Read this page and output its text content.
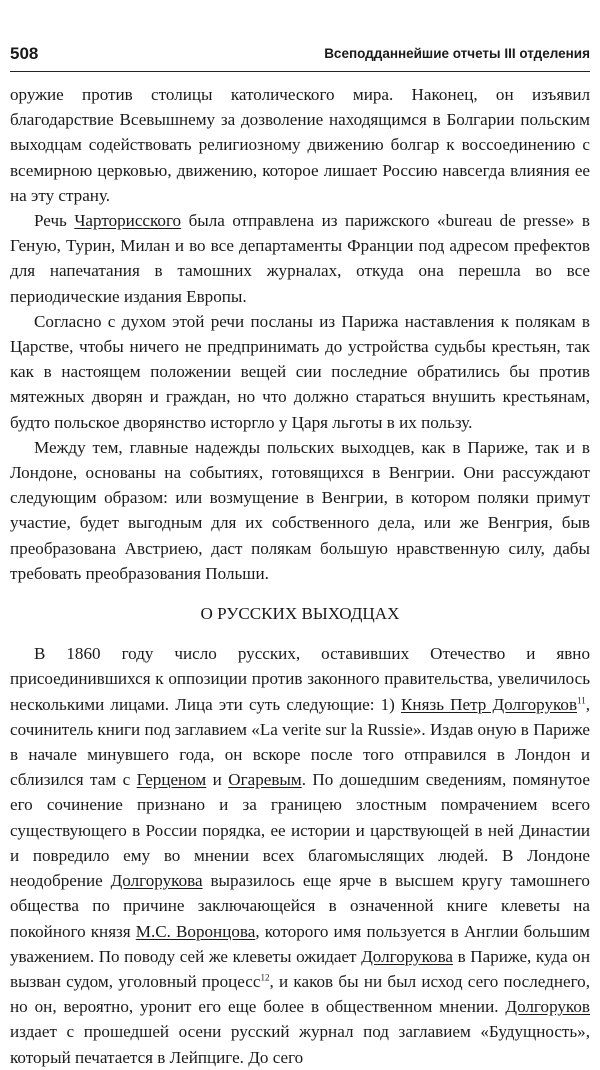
508	Всеподданнейшие отчеты III отделения

оружие против столицы католического мира. Наконец, он изъявил благодарствие Всевышнему за дозволение находящимся в Болгарии польским выходцам содействовать религиозному движению болгар к воссоединению с всемирною церковью, движению, которое лишает Россию навсегда влияния ее на эту страну.

Речь Чарторисского была отправлена из парижского «bureau de presse» в Геную, Турин, Милан и во все департаменты Франции под адресом префектов для напечатания в тамошних журналах, откуда она перешла во все периодические издания Европы.

Согласно с духом этой речи посланы из Парижа наставления к полякам в Царстве, чтобы ничего не предпринимать до устройства судьбы крестьян, так как в настоящем положении вещей сии последние обратились бы против мятежных дворян и граждан, но что должно стараться внушить крестьянам, будто польское дворянство исторгло у Царя льготы в их пользу.

Между тем, главные надежды польских выходцев, как в Париже, так и в Лондоне, основаны на событиях, готовящихся в Венгрии. Они рассуждают следующим образом: или возмущение в Венгрии, в котором поляки примут участие, будет выгодным для их собственного дела, или же Венгрия, быв преобразована Австриею, даст полякам большую нравственную силу, дабы требовать преобразования Польши.

О РУССКИХ ВЫХОДЦАХ

В 1860 году число русских, оставивших Отечество и явно присоединившихся к оппозиции против законного правительства, увеличилось несколькими лицами. Лица эти суть следующие: 1) Князь Петр Долгоруков$^{11}$, сочинитель книги под заглавием «La verite sur la Russie». Издав оную в Париже в начале минувшего года, он вскоре после того отправился в Лондон и сблизился там с Герценом и Огаревым. По дошедшим сведениям, помянутое его сочинение признано и за границею злостным помрачением всего существующего в России порядка, ее истории и царствующей в ней Династии и повредило ему во мнении всех благомыслящих людей. В Лондоне неодобрение Долгорукова выразилось еще ярче в высшем кругу тамошнего общества по причине заключающейся в означенной книге клеветы на покойного князя М.С. Воронцова, которого имя пользуется в Англии большим уважением. По поводу сей же клеветы ожидает Долгорукова в Париже, куда он вызван судом, уголовный процесс$^{12}$, и каков бы ни был исход сего последнего, но он, вероятно, уронит его еще более в общественном мнении. Долгоруков издает с прошедшей осени русский журнал под заглавием «Будущность», который печатается в Лейпциге. До сего
